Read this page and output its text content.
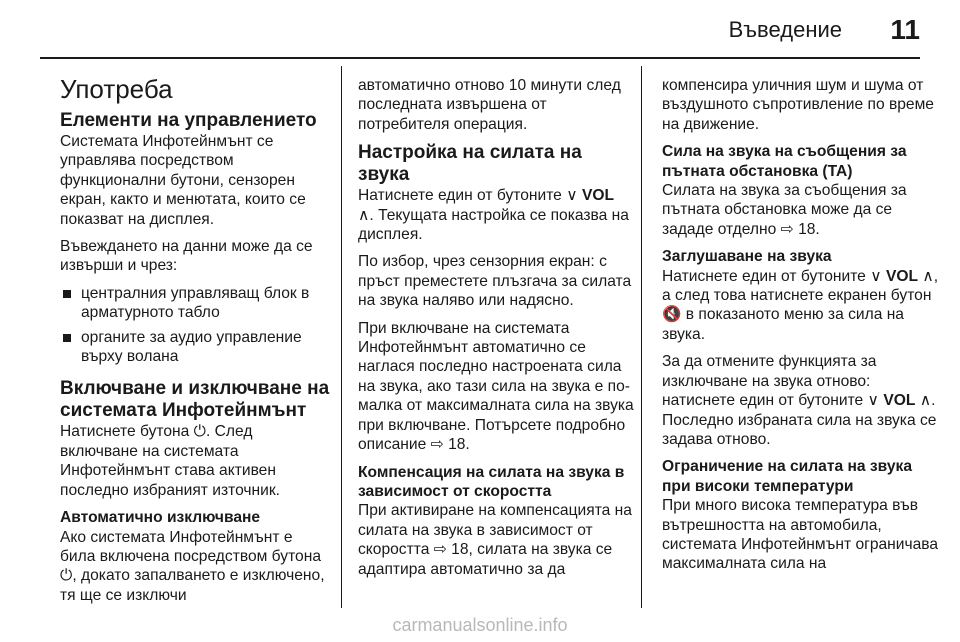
Въведение 11
Употреба
Елементи на управлението

Системата Инфотейнмънт се управлява посредством функционални бутони, сензорен екран, както и менютата, които се показват на дисплея.

Въвеждането на данни може да се извърши и чрез:

централния управляващ блок в арматурното табло
органите за аудио управление върху волана
Включване и изключване на системата Инфотейнмънт

Натиснете бутона ⏻. След включване на системата Инфотейнмънт става активен последно избраният източник.

Автоматично изключване

Ако системата Инфотейнмънт е била включена посредством бутона ⏻, докато запалването е изключено, тя ще се изключи

автоматично отново 10 минути след последната извършена от потребителя операция.

Настройка на силата на звука

Натиснете един от бутоните ∨ VOL ∧. Текущата настройка се показва на дисплея.

По избор, чрез сензорния екран: с пръст преместете плъзгача за силата на звука наляво или надясно.

При включване на системата Инфотейнмънт автоматично се наглася последно настроената сила на звука, ако тази сила на звука е по-малка от максималната сила на звука при включване. Потърсете подробно описание ⇨ 18.

Компенсация на силата на звука в зависимост от скоростта

При активиране на компенсацията на силата на звука в зависимост от скоростта ⇨ 18, силата на звука се адаптира автоматично за да

компенсира уличния шум и шума от въздушното съпротивление по време на движение.

Сила на звука на съобщения за пътната обстановка (TA)

Силата на звука за съобщения за пътната обстановка може да се зададе отделно ⇨ 18.

Заглушаване на звука

Натиснете един от бутоните ∨ VOL ∧, а след това натиснете екранен бутон 🔇 в показаното меню за сила на звука.

За да отмените функцията за изключване на звука отново: натиснете един от бутоните ∨ VOL ∧. Последно избраната сила на звука се задава отново.

Ограничение на силата на звука при високи температури

При много висока температура във вътрешността на автомобила, системата Инфотейнмънт ограничава максималната сила на

carmanualsonline.info
